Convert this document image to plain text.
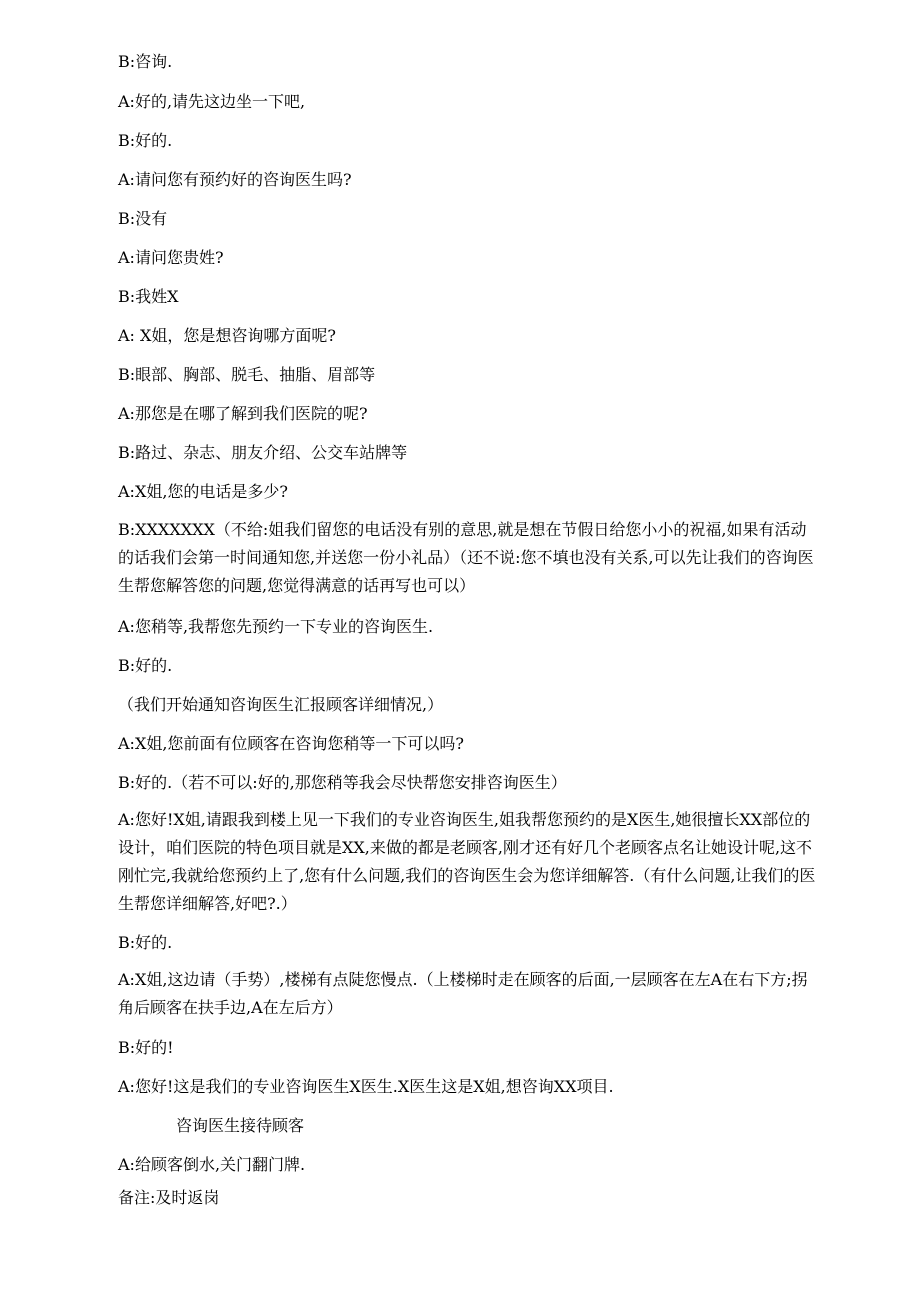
B:咨询.
A:好的,请先这边坐一下吧,
B:好的.
A:请问您有预约好的咨询医生吗?
B:没有
A:请问您贵姓?
B:我姓X
A: X姐，您是想咨询哪方面呢?
B:眼部、胸部、脱毛、抽脂、眉部等
A:那您是在哪了解到我们医院的呢?
B:路过、杂志、朋友介绍、公交车站牌等
A:X姐,您的电话是多少?
B:XXXXXXX（不给:姐我们留您的电话没有别的意思,就是想在节假日给您小小的祝福,如果有活动的话我们会第一时间通知您,并送您一份小礼品）（还不说:您不填也没有关系,可以先让我们的咨询医生帮您解答您的问题,您觉得满意的话再写也可以）
A:您稍等,我帮您先预约一下专业的咨询医生.
B:好的.
（我们开始通知咨询医生汇报顾客详细情况,）
A:X姐,您前面有位顾客在咨询您稍等一下可以吗?
B:好的.（若不可以:好的,那您稍等我会尽快帮您安排咨询医生）
A:您好!X姐,请跟我到楼上见一下我们的专业咨询医生,姐我帮您预约的是X医生,她很擅长XX部位的设计，咱们医院的特色项目就是XX,来做的都是老顾客,刚才还有好几个老顾客点名让她设计呢,这不刚忙完,我就给您预约上了,您有什么问题,我们的咨询医生会为您详细解答.（有什么问题,让我们的医生帮您详细解答,好吧?.）
B:好的.
A:X姐,这边请（手势）,楼梯有点陡您慢点.（上楼梯时走在顾客的后面,一层顾客在左A在右下方;拐角后顾客在扶手边,A在左后方）
B:好的!
A:您好!这是我们的专业咨询医生X医生.X医生这是X姐,想咨询XX项目.
咨询医生接待顾客
A:给顾客倒水,关门翻门牌.
备注:及时返岗
